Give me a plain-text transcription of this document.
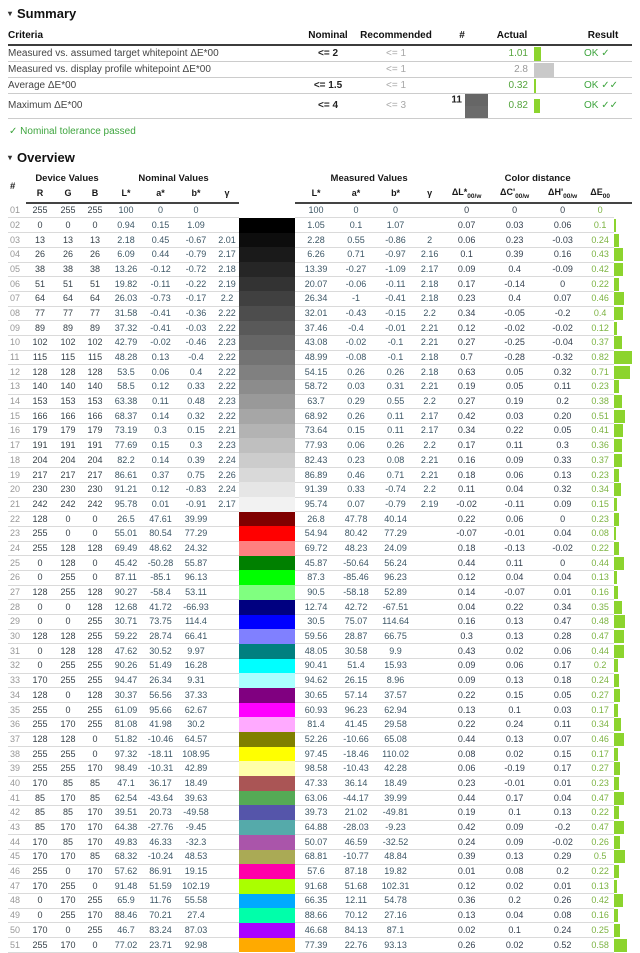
▾ Summary
Criteria	Nominal	Recommended	#	Actual		Result
Measured vs. assumed target whitepoint ΔE*00	<= 2	<= 1		1.01		OK ✓
Measured vs. display profile whitepoint ΔE*00		<= 1		2.8	

Average ΔE*00	<= 1.5	<= 1		0.32		OK ✓✓
Maximum ΔE*00	<= 4	<= 3	11	0.82		OK ✓✓
✓ Nominal tolerance passed
▾ Overview
#	Device Values			Nominal Values					Measured Values				Color distance				
	R	G	B	L*	a*	b*	γ		L*	a*	b*	γ	$\Delta L*_{00/w}$	$\Delta C'_{00/w}$	$\Delta H'_{00/w}$	$\Delta E_{00}$	
01	255	255	255	100	0	0			100	0	0		0	0	0	0	
02	0	0	0	0.94	0.15	1.09			1.05	0.1	1.07		0.07	0.03	0.06	0.1	

03	13	13	13	2.18	0.45	-0.67	2.01		2.28	0.55	-0.86	2	0.06	0.23	-0.03	0.24	

04	26	26	26	6.09	0.44	-0.79	2.17		6.26	0.71	-0.97	2.16	0.1	0.39	0.16	0.43	

05	38	38	38	13.26	-0.12	-0.72	2.18		13.39	-0.27	-1.09	2.17	0.09	0.4	-0.09	0.42	

06	51	51	51	19.82	-0.11	-0.22	2.19		20.07	-0.06	-0.11	2.18	0.17	-0.14	0	0.22	

07	64	64	64	26.03	-0.73	-0.17	2.2		26.34	-1	-0.41	2.18	0.23	0.4	0.07	0.46	

08	77	77	77	31.58	-0.41	-0.36	2.22		32.01	-0.43	-0.15	2.2	0.34	-0.05	-0.2	0.4	

09	89	89	89	37.32	-0.41	-0.03	2.22		37.46	-0.4	-0.01	2.21	0.12	-0.02	-0.02	0.12	

10	102	102	102	42.79	-0.02	-0.46	2.23		43.08	-0.02	-0.1	2.21	0.27	-0.25	-0.04	0.37	

11	115	115	115	48.28	0.13	-0.4	2.22		48.99	-0.08	-0.1	2.18	0.7	-0.28	-0.32	0.82	

12	128	128	128	53.5	0.06	0.4	2.22		54.15	0.26	0.26	2.18	0.63	0.05	0.32	0.71	

13	140	140	140	58.5	0.12	0.33	2.22		58.72	0.03	0.31	2.21	0.19	0.05	0.11	0.23	

14	153	153	153	63.38	0.11	0.48	2.23		63.7	0.29	0.55	2.2	0.27	0.19	0.2	0.38	

15	166	166	166	68.37	0.14	0.32	2.22		68.92	0.26	0.11	2.17	0.42	0.03	0.20	0.51	

16	179	179	179	73.19	0.3	0.15	2.21		73.64	0.15	0.11	2.17	0.34	0.22	0.05	0.41	

17	191	191	191	77.69	0.15	0.3	2.23		77.93	0.06	0.26	2.2	0.17	0.11	0.3	0.36	

18	204	204	204	82.2	0.14	0.39	2.24		82.43	0.23	0.08	2.21	0.16	0.09	0.33	0.37	

19	217	217	217	86.61	0.37	0.75	2.26		86.89	0.46	0.71	2.21	0.18	0.06	0.13	0.23	

20	230	230	230	91.21	0.12	-0.83	2.24		91.39	0.33	-0.74	2.2	0.11	0.04	0.32	0.34	

21	242	242	242	95.78	0.01	-0.91	2.17		95.74	0.07	-0.79	2.19	-0.02	-0.11	0.09	0.15	

22	128	0	0	26.5	47.61	39.99			26.8	47.78	40.14		0.22	0.06	0	0.23	

23	255	0	0	55.01	80.54	77.29			54.94	80.42	77.29		-0.07	-0.01	0.04	0.08	

24	255	128	128	69.49	48.62	24.32			69.72	48.23	24.09		0.18	-0.13	-0.02	0.22	

25	0	128	0	45.42	-50.28	55.87			45.87	-50.64	56.24		0.44	0.11	0	0.44	

26	0	255	0	87.11	-85.1	96.13			87.3	-85.46	96.23		0.12	0.04	0.04	0.13	

27	128	255	128	90.27	-58.4	53.11			90.5	-58.18	52.89		0.14	-0.07	0.01	0.16	

28	0	0	128	12.68	41.72	-66.93			12.74	42.72	-67.51		0.04	0.22	0.34	0.35	

29	0	0	255	30.71	73.75	114.4			30.5	75.07	114.64		0.16	0.13	0.47	0.48	

30	128	128	255	59.22	28.74	66.41			59.56	28.87	66.75		0.3	0.13	0.28	0.47	

31	0	128	128	47.62	30.52	9.97			48.05	30.58	9.9		0.43	0.02	0.06	0.44	

32	0	255	255	90.26	51.49	16.28			90.41	51.4	15.93		0.09	0.06	0.17	0.2	

33	170	255	255	94.47	26.34	9.31			94.62	26.15	8.96		0.09	0.13	0.18	0.24	

34	128	0	128	30.37	56.56	37.33			30.65	57.14	37.57		0.22	0.15	0.05	0.27	

35	255	0	255	61.09	95.66	62.67			60.93	96.23	62.94		0.13	0.1	0.03	0.17	

36	255	170	255	81.08	41.98	30.2			81.4	41.45	29.58		0.22	0.24	0.11	0.34	

37	128	128	0	51.82	-10.46	64.57			52.26	-10.66	65.08		0.44	0.13	0.07	0.46	

38	255	255	0	97.32	-18.11	108.95			97.45	-18.46	110.02		0.08	0.02	0.15	0.17	

39	255	255	170	98.49	-10.31	42.89			98.58	-10.43	42.28		0.06	-0.19	0.17	0.27	

40	170	85	85	47.1	36.17	18.49			47.33	36.14	18.49		0.23	-0.01	0.01	0.23	

41	85	170	85	62.54	-43.64	39.63			63.06	-44.17	39.99		0.44	0.17	0.04	0.47	

42	85	85	170	39.51	20.73	-49.58			39.73	21.02	-49.81		0.19	0.1	0.13	0.22	

43	85	170	170	64.38	-27.76	-9.45			64.88	-28.03	-9.23		0.42	0.09	-0.2	0.47	

44	170	85	170	49.83	46.33	-32.3			50.07	46.59	-32.52		0.24	0.09	-0.02	0.26	

45	170	170	85	68.32	-10.24	48.53			68.81	-10.77	48.84		0.39	0.13	0.29	0.5	

46	255	0	170	57.62	86.91	19.15			57.6	87.18	19.82		0.01	0.08	0.2	0.22	

47	170	255	0	91.48	51.59	102.19			91.68	51.68	102.31		0.12	0.02	0.01	0.13	

48	0	170	255	65.9	11.76	55.58			66.35	12.11	54.78		0.36	0.2	0.26	0.42	

49	0	255	170	88.46	70.21	27.4			88.66	70.12	27.16		0.13	0.04	0.08	0.16	

50	170	0	255	46.7	83.24	87.03			46.68	84.13	87.1		0.02	0.1	0.24	0.25	

51	255	170	0	77.02	23.71	92.98			77.39	22.76	93.13		0.26	0.02	0.52	0.58	
